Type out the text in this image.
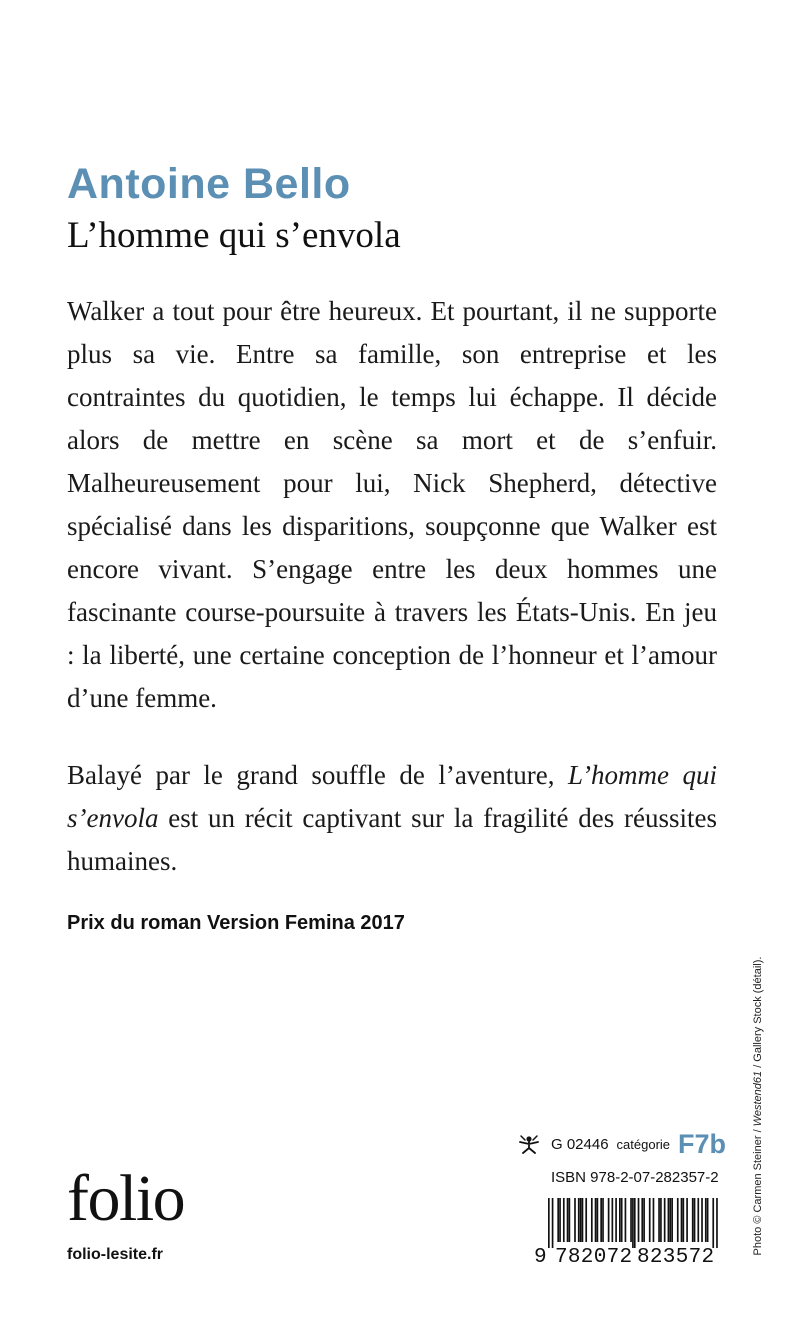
Antoine Bello
L’homme qui s’envola

Walker a tout pour être heureux. Et pourtant, il ne supporte plus sa vie. Entre sa famille, son entreprise et les contraintes du quotidien, le temps lui échappe. Il décide alors de mettre en scène sa mort et de s’enfuir. Malheureusement pour lui, Nick Shepherd, détective spécialisé dans les disparitions, soupçonne que Walker est encore vivant. S’engage entre les deux hommes une fascinante course-poursuite à travers les États-Unis. En jeu : la liberté, une certaine conception de l’honneur et l’amour d’une femme.

Balayé par le grand souffle de l’aventure, L’homme qui s’envola est un récit captivant sur la fragilité des réussites humaines.

Prix du roman Version Femina 2017

Photo © Carmen Steiner / Westend61 / Gallery Stock (détail).
folio
folio-lesite.fr
G 02446 catégorie F7b
ISBN 978-2-07-282357-2
9 782072 823572
